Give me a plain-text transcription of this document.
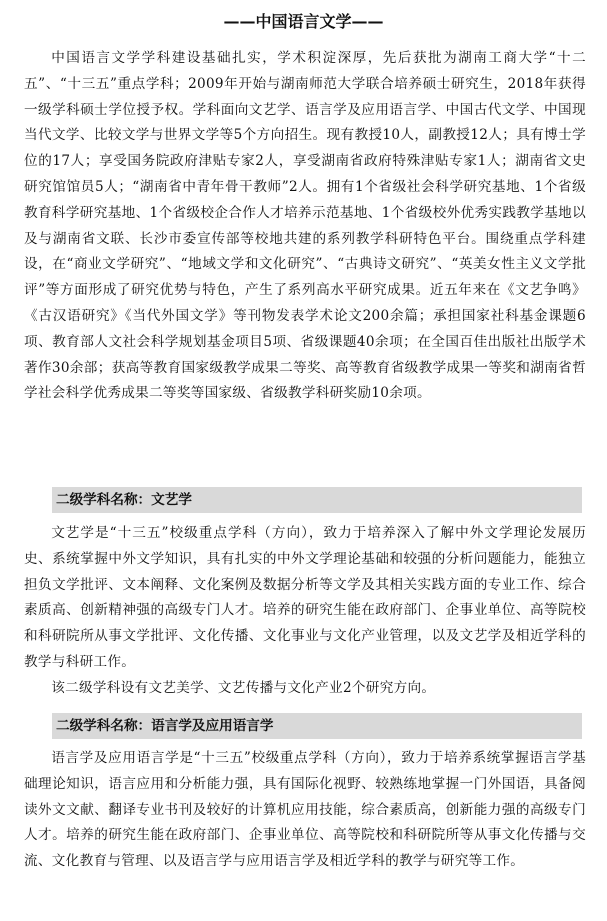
——中国语言文学——

中国语言文学学科建设基础扎实，学术积淀深厚，先后获批为湖南工商大学“十二五”、“十三五”重点学科；2009年开始与湖南师范大学联合培养硕士研究生，2018年获得一级学科硕士学位授予权。学科面向文艺学、语言学及应用语言学、中国古代文学、中国现当代文学、比较文学与世界文学等5个方向招生。现有教授10人，副教授12人；具有博士学位的17人；享受国务院政府津贴专家2人，享受湖南省政府特殊津贴专家1人；湖南省文史研究馆馆员5人；“湖南省中青年骨干教师”2人。拥有1个省级社会科学研究基地、1个省级教育科学研究基地、1个省级校企合作人才培养示范基地、1个省级校外优秀实践教学基地以及与湖南省文联、长沙市委宣传部等校地共建的系列教学科研特色平台。围绕重点学科建设，在“商业文学研究”、“地域文学和文化研究”、“古典诗文研究”、“英美女性主义文学批评”等方面形成了研究优势与特色，产生了系列高水平研究成果。近五年来在《文艺争鸣》《古汉语研究》《当代外国文学》等刊物发表学术论文200余篇；承担国家社科基金课题6项、教育部人文社会科学规划基金项目5项、省级课题40余项；在全国百佳出版社出版学术著作30余部；获高等教育国家级教学成果二等奖、高等教育省级教学成果一等奖和湖南省哲学社会科学优秀成果二等奖等国家级、省级教学科研奖励10余项。

二级学科名称：文艺学

文艺学是“十三五”校级重点学科（方向），致力于培养深入了解中外文学理论发展历史、系统掌握中外文学知识，具有扎实的中外文学理论基础和较强的分析问题能力，能独立担负文学批评、文本阐释、文化案例及数据分析等文学及其相关实践方面的专业工作、综合素质高、创新精神强的高级专门人才。培养的研究生能在政府部门、企事业单位、高等院校和科研院所从事文学批评、文化传播、文化事业与文化产业管理，以及文艺学及相近学科的教学与科研工作。

该二级学科设有文艺美学、文艺传播与文化产业2个研究方向。

二级学科名称：语言学及应用语言学

语言学及应用语言学是“十三五”校级重点学科（方向），致力于培养系统掌握语言学基础理论知识，语言应用和分析能力强，具有国际化视野、较熟练地掌握一门外国语，具备阅读外文文献、翻译专业书刊及较好的计算机应用技能，综合素质高，创新能力强的高级专门人才。培养的研究生能在政府部门、企事业单位、高等院校和科研院所等从事文化传播与交流、文化教育与管理、以及语言学与应用语言学及相近学科的教学与研究等工作。
